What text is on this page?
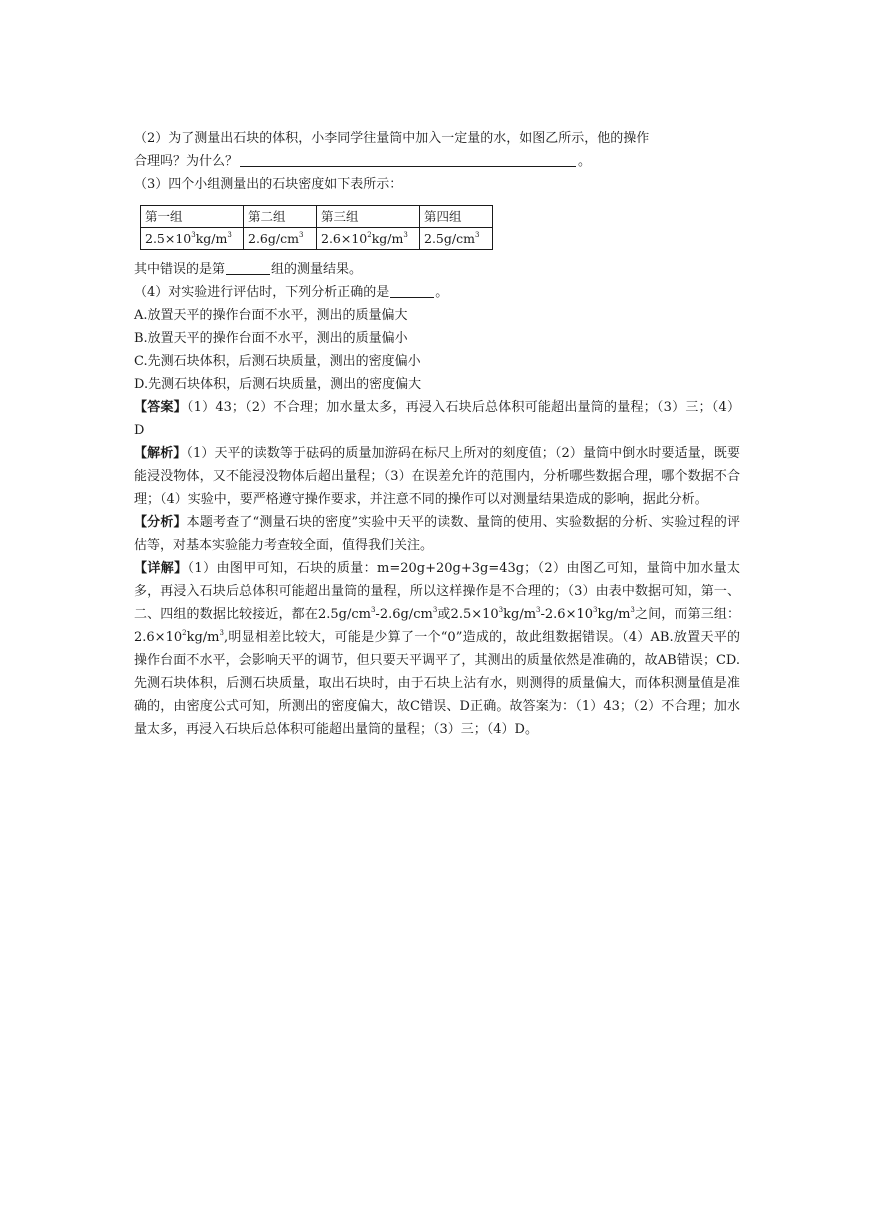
（2）为了测量出石块的体积，小李同学往量筒中加入一定量的水，如图乙所示，他的操作
合理吗？为什么？	。
（3）四个小组测量出的石块密度如下表所示：
第一组	第二组	第三组	第四组
$2.5\times 10^3kg/m^3$	$2.6g/cm^3$	$2.6\times 10^2kg/m^3$	$2.5g/cm^3$
其中错误的是第	组的测量结果。
（4）对实验进行评估时，下列分析正确的是	。
A.放置天平的操作台面不水平，测出的质量偏大
B.放置天平的操作台面不水平，测出的质量偏小
C.先测石块体积，后测石块质量，测出的密度偏小
D.先测石块体积，后测石块质量，测出的密度偏大
【答案】（1）43；（2）不合理；加水量太多，再浸入石块后总体积可能超出量筒的量程；（3）三；（4）D
【解析】（1）天平的读数等于砝码的质量加游码在标尺上所对的刻度值；（2）量筒中倒水时要适量，既要能浸没物体，又不能浸没物体后超出量程；（3）在误差允许的范围内，分析哪些数据合理，哪个数据不合理；（4）实验中，要严格遵守操作要求，并注意不同的操作可以对测量结果造成的影响，据此分析。
【分析】本题考查了“测量石块的密度”实验中天平的读数、量筒的使用、实验数据的分析、实验过程的评估等，对基本实验能力考查较全面，值得我们关注。
【详解】（1）由图甲可知，石块的质量：m=20g+20g+3g=43g；（2）由图乙可知，量筒中加水量太多，再浸入石块后总体积可能超出量筒的量程，所以这样操作是不合理的；（3）由表中数据可知，第一、二、四组的数据比较接近，都在$2.5g/cm^3-2.6g/cm^3$或$2.5\times 10^3kg/m^3-2.6\times 10^3kg/m^3$之间，而第三组：$2.6\times 10^2kg/m^3$,明显相差比较大，可能是少算了一个“0”造成的，故此组数据错误。（4）AB.放置天平的操作台面不水平，会影响天平的调节，但只要天平调平了，其测出的质量依然是准确的，故AB错误；CD. 先测石块体积，后测石块质量，取出石块时，由于石块上沾有水，则测得的质量偏大，而体积测量值是准确的，由密度公式可知，所测出的密度偏大，故C错误、D正确。故答案为：（1）43；（2）不合理；加水量太多，再浸入石块后总体积可能超出量筒的量程；（3）三；（4）D。
